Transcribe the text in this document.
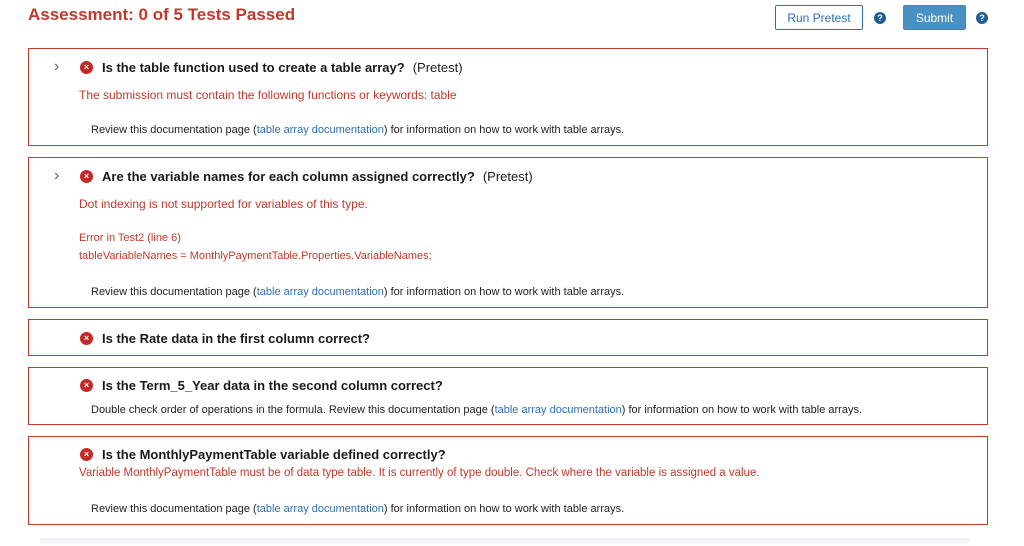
Assessment: 0 of 5 Tests Passed	Run Pretest	?	Submit	?
›	× Is the table function used to create a table array? (Pretest)
The submission must contain the following functions or keywords: table
Review this documentation page (table array documentation) for information on how to work with table arrays.
›	× Are the variable names for each column assigned correctly? (Pretest)
Dot indexing is not supported for variables of this type.
Error in Test2 (line 6)
tableVariableNames = MonthlyPaymentTable.Properties.VariableNames;
Review this documentation page (table array documentation) for information on how to work with table arrays.
× Is the Rate data in the first column correct?
× Is the Term_5_Year data in the second column correct?
Double check order of operations in the formula. Review this documentation page (table array documentation) for information on how to work with table arrays.
× Is the MonthlyPaymentTable variable defined correctly?
Variable MonthlyPaymentTable must be of data type table. It is currently of type double. Check where the variable is assigned a value.
Review this documentation page (table array documentation) for information on how to work with table arrays.
